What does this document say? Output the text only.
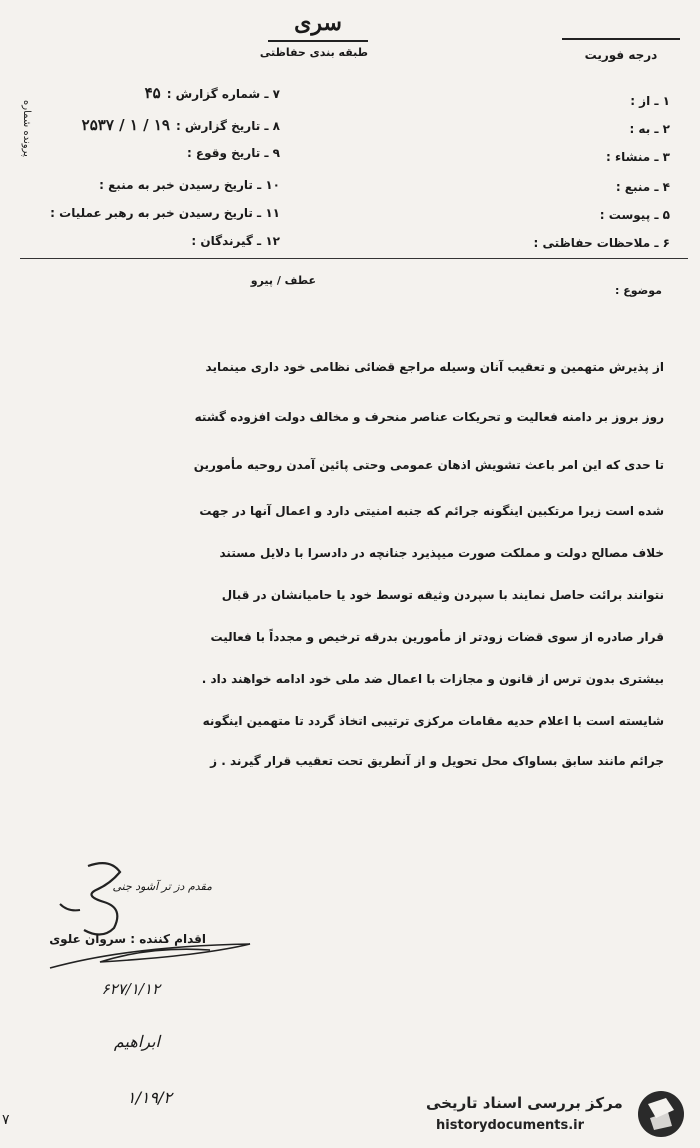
سری
طبقه بندی حفاظتی	درجه فوریت
پرونده شماره
۷ ـ شماره گزارش :۴۵
۸ ـ تاریخ گزارش :۱۹ / ۱ / ۲۵۳۷
۹ ـ تاریخ وقوع :
۱۰ ـ تاریخ رسیدن خبر به منبع :
۱۱ ـ تاریخ رسیدن خبر به رهبر عملیات :
۱۲ ـ گیرندگان :
۱ ـ از :
۲ ـ به :
۳ ـ منشاء :
۴ ـ منبع :
۵ ـ پیوست :
۶ ـ ملاحظات حفاظتی :
موضوع :
عطف / پیرو
از پذیرش متهمین و تعقیب آنان وسیله مراجع قضائی نظامی خود داری مینماید
روز بروز بر دامنه فعالیت و تحریکات عناصر منحرف و مخالف دولت افزوده گشته
تا حدی که این امر باعث تشویش اذهان عمومی وحتی پائین آمدن روحیه مأمورین
شده است زیرا مرتکبین اینگونه جرائم که جنبه امنیتی دارد و اعمال آنها در جهت
خلاف مصالح دولت و مملکت صورت میپذیرد جنانچه در دادسرا با دلایل مستند
نتوانند برائت حاصل نمایند با سپردن وثیقه توسط خود یا حامیانشان در قبال
قرار صادره از سوی قضات زودتر از مأمورین بدرقه ترخیص و مجدداً با فعالیت
بیشتری بدون ترس از قانون و مجازات با اعمال ضد ملی خود ادامه خواهند داد .
شایسته است با اعلام حدیه مقامات مرکزی ترتیبی اتخاذ گردد تا متهمین اینگونه
جرائم مانند سابق بساواک محل تحویل و از آنطریق تحت تعقیب قرار گیرند . ز
مقدم دز تر آشود جنی
اقدام کننده : سروان علوی
۶۲۷/۱/۱۲
ابراهیم
۱/۱۹/۲	مرکز بررسی اسناد تاریخی
historydocuments.ir
۷
